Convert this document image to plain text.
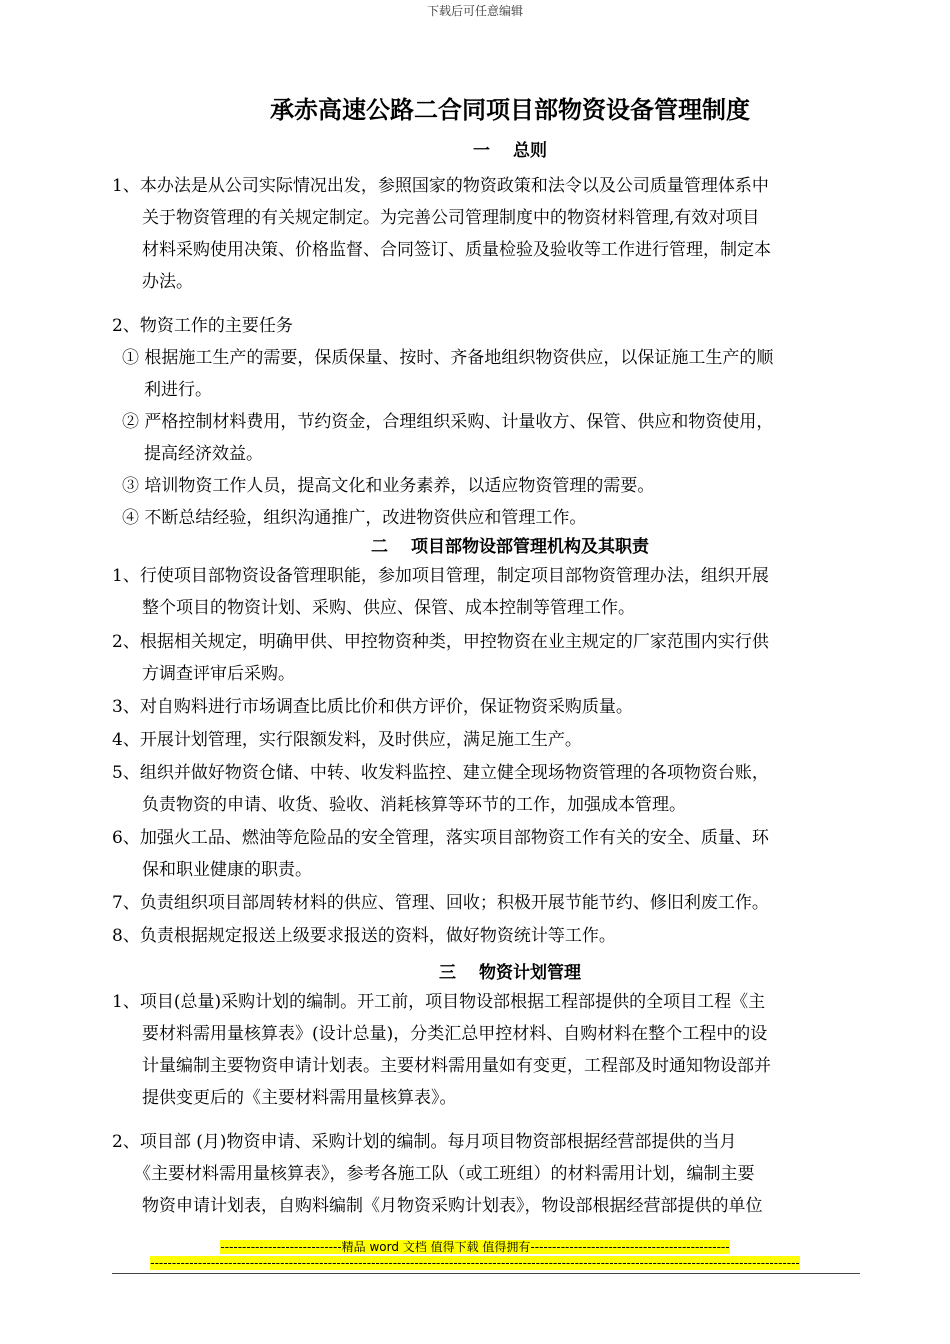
下载后可任意编辑
承赤高速公路二合同项目部物资设备管理制度
一　 总则
1、本办法是从公司实际情况出发，参照国家的物资政策和法令以及公司质量管理体系中
关于物资管理的有关规定制定。为完善公司管理制度中的物资材料管理,有效对项目
材料采购使用决策、价格监督、合同签订、质量检验及验收等工作进行管理，制定本
办法。
2、物资工作的主要任务
① 根据施工生产的需要，保质保量、按时、齐备地组织物资供应，以保证施工生产的顺
利进行。
② 严格控制材料费用，节约资金，合理组织采购、计量收方、保管、供应和物资使用，
提高经济效益。
③ 培训物资工作人员，提高文化和业务素养，以适应物资管理的需要。
④ 不断总结经验，组织沟通推广，改进物资供应和管理工作。
二　 项目部物设部管理机构及其职责
1、行使项目部物资设备管理职能，参加项目管理，制定项目部物资管理办法，组织开展
整个项目的物资计划、采购、供应、保管、成本控制等管理工作。
2、根据相关规定，明确甲供、甲控物资种类，甲控物资在业主规定的厂家范围内实行供
方调查评审后采购。
3、对自购料进行市场调查比质比价和供方评价，保证物资采购质量。
4、开展计划管理，实行限额发料，及时供应，满足施工生产。
5、组织并做好物资仓储、中转、收发料监控、建立健全现场物资管理的各项物资台账，
负责物资的申请、收货、验收、消耗核算等环节的工作，加强成本管理。
6、加强火工品、燃油等危险品的安全管理，落实项目部物资工作有关的安全、质量、环
保和职业健康的职责。
7、负责组织项目部周转材料的供应、管理、回收；积极开展节能节约、修旧利废工作。
8、负责根据规定报送上级要求报送的资料，做好物资统计等工作。
三　 物资计划管理
1、项目(总量)采购计划的编制。开工前，项目物设部根据工程部提供的全项目工程《主
要材料需用量核算表》(设计总量)，分类汇总甲控材料、自购材料在整个工程中的设
计量编制主要物资申请计划表。主要材料需用量如有变更，工程部及时通知物设部并
提供变更后的《主要材料需用量核算表》。
2、项目部 (月)物资申请、采购计划的编制。每月项目物资部根据经营部提供的当月
《主要材料需用量核算表》，参考各施工队（或工班组）的材料需用计划，编制主要
物资申请计划表，自购料编制《月物资采购计划表》，物设部根据经营部提供的单位
----------------------------精品 word 文档 值得下载 值得拥有----------------------------------------------
------------------------------------------------------------------------------------------------------------------------------------------------------
